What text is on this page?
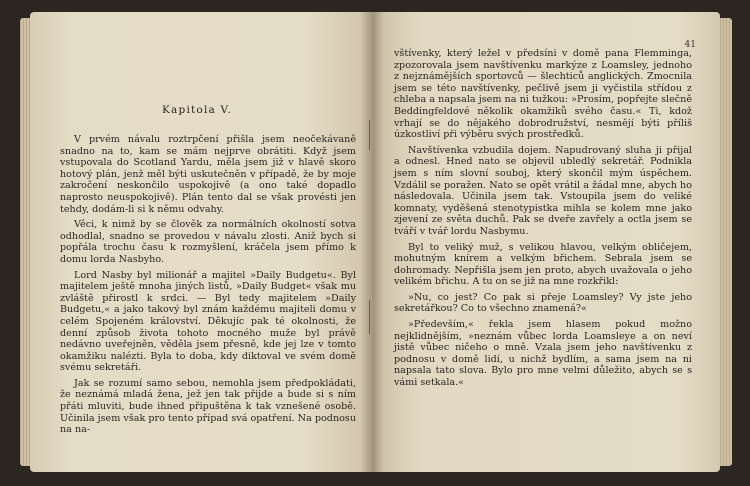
Kapitola V.

V prvém návalu roztrpčení přišla jsem neočekávaně snadno na to, kam se mám nejprve obrátiti. Když jsem vstupovala do Scotland Yardu, měla jsem již v hlavě skoro hotový plán, jenž měl býti uskutečněn v případě, že by moje zakročení neskončilo uspokojivě (a ono také dopadlo naprosto neuspokojivě). Plán tento dal se však provésti jen tehdy, dodám-li si k němu odvahy.

Věci, k nimž by se člověk za normálních okolností sotva odhodlal, snadno se provedou v návalu zlosti. Aniž bych si popřála trochu času k rozmyšlení, kráčela jsem přímo k domu lorda Nasbyho.

Lord Nasby byl milionář a majitel »Daily Budgetu«. Byl majitelem ještě mnoha jiných listů, »Daily Budget« však mu zvláště přirostl k srdci. — Byl tedy majitelem »Daily Budgetu,« a jako takový byl znám každému majiteli domu v celém Spojeném království. Děkujíc pak té okolnosti, že denní způsob života tohoto mocného muže byl právě nedávno uveřejněn, věděla jsem přesně, kde jej lze v tomto okamžiku nalézti. Byla to doba, kdy diktoval ve svém domě svému sekretáři.

Jak se rozumí samo sebou, nemohla jsem předpokládati, že neznámá mladá žena, jež jen tak přijde a bude si s ním přáti mluviti, bude ihned připuštěna k tak vznešené osobě. Učinila jsem však pro tento případ svá opatření. Na podnosu na na-

41

vštívenky, který ležel v předsíni v domě pana Flemminga, zpozorovala jsem navštívenku markýze z Loamsley, jednoho z nejznámějších sportovců — šlechticů anglických. Zmocnila jsem se této navštívenky, pečlivě jsem ji vyčistila střídou z chleba a napsala jsem na ni tužkou: »Prosím, popřejte slečně Beddingfeldové několik okamžiků svého času.« Ti, kdož vrhají se do nějakého dobrodružství, nesmějí býti příliš úzkostliví při výběru svých prostředků.

Navštívenka vzbudila dojem. Napudrovaný sluha ji přijal a odnesl. Hned nato se objevil ubledlý sekretář. Podnikla jsem s ním slovní souboj, který skončil mým úspěchem. Vzdálil se poražen. Nato se opět vrátil a žádal mne, abych ho následovala. Učinila jsem tak. Vstoupila jsem do veliké komnaty, vyděšená stenotypistka mihla se kolem mne jako zjevení ze světa duchů. Pak se dveře zavřely a octla jsem se tváří v tvář lordu Nasbymu.

Byl to veliký muž, s velikou hlavou, velkým obličejem, mohutným knírem a velkým břichem. Sebrala jsem se dohromady. Nepřišla jsem jen proto, abych uvažovala o jeho velikém břichu. A tu on se již na mne rozkřikl:

»Nu, co jest? Co pak si přeje Loamsley? Vy jste jeho sekretářkou? Co to všechno znamená?«

»Především,« řekla jsem hlasem pokud možno nejklidnějším, »neznám vůbec lorda Loamsleye a on neví jistě vůbec ničeho o mně. Vzala jsem jeho navštívenku z podnosu v domě lidí, u nichž bydlím, a sama jsem na ni napsala tato slova. Bylo pro mne velmi důležito, abych se s vámi setkala.«
